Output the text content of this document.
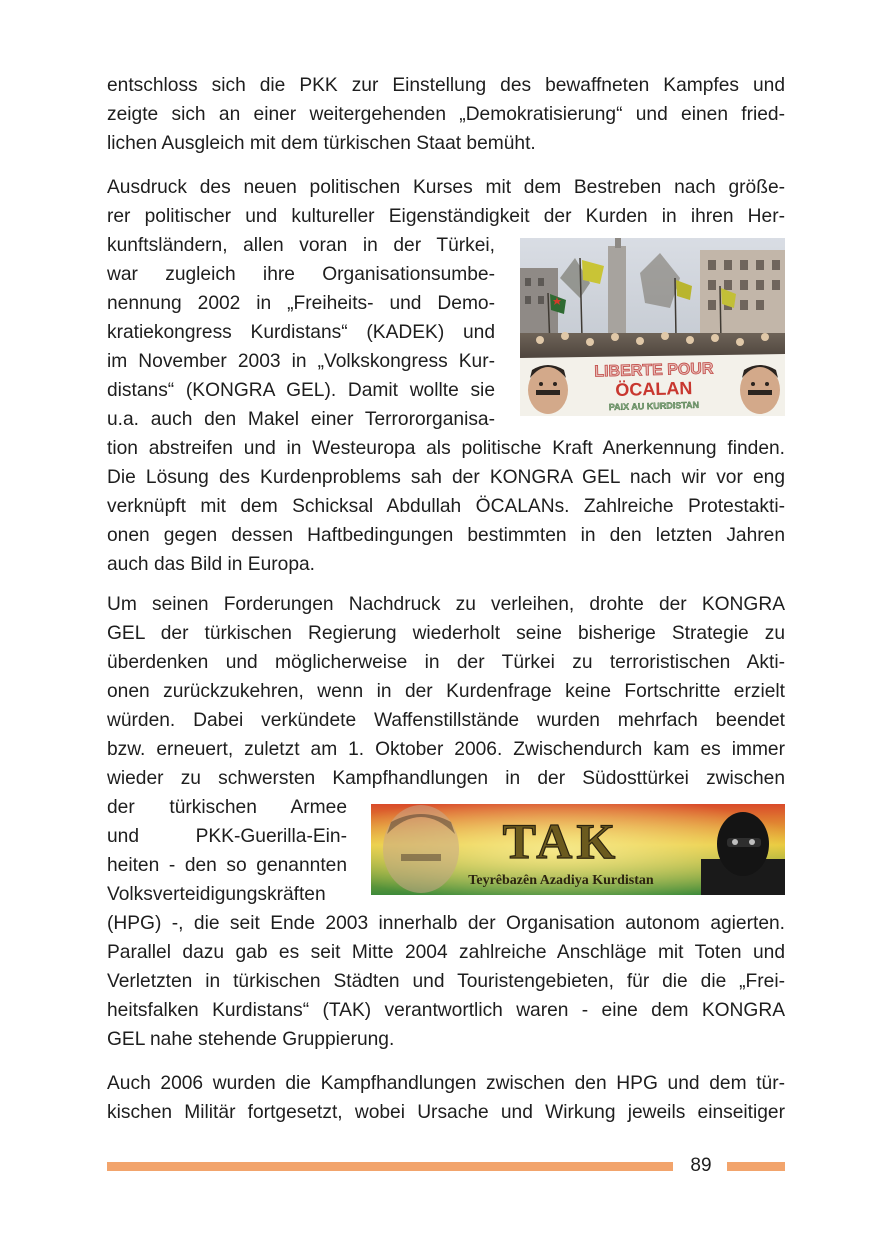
entschloss sich die PKK zur Einstellung des bewaffneten Kampfes und
zeigte sich an einer weitergehenden „Demokratisierung“ und einen fried-
lichen Ausgleich mit dem türkischen Staat bemüht.
Ausdruck des neuen politischen Kurses mit dem Bestreben nach größe-
rer politischer und kultureller Eigenständigkeit der Kurden in ihren Her-
kunftsländern, allen voran in der Türkei,
war zugleich ihre Organisationsumbe-
nennung 2002 in „Freiheits- und Demo-
kratiekongress Kurdistans“ (KADEK) und
im November 2003 in „Volkskongress Kur-
distans“ (KONGRA GEL). Damit wollte sie
u.a. auch den Makel einer Terrororganisa-
tion abstreifen und in Westeuropa als politische Kraft Anerkennung finden.
Die Lösung des Kurdenproblems sah der KONGRA GEL nach wir vor eng
verknüpft mit dem Schicksal Abdullah ÖCALANs. Zahlreiche Protestakti-
onen gegen dessen Haftbedingungen bestimmten in den letzten Jahren
auch das Bild in Europa.
LIBERTE POUR
ÖCALAN
PAIX AU KURDISTAN
Um seinen Forderungen Nachdruck zu verleihen, drohte der KONGRA
GEL der türkischen Regierung wiederholt seine bisherige Strategie zu
überdenken und möglicherweise in der Türkei zu terroristischen Akti-
onen zurückzukehren, wenn in der Kurdenfrage keine Fortschritte erzielt
würden. Dabei verkündete Waffenstillstände wurden mehrfach beendet
bzw. erneuert, zuletzt am 1. Oktober 2006. Zwischendurch kam es immer
wieder zu schwersten Kampfhandlungen in der Südosttürkei zwischen
der türkischen Armee
und PKK-Guerilla-Ein-
heiten - den so genannten
Volksverteidigungskräften
(HPG) -, die seit Ende 2003 innerhalb der Organisation autonom agierten.
Parallel dazu gab es seit Mitte 2004 zahlreiche Anschläge mit Toten und
Verletzten in türkischen Städten und Touristengebieten, für die die „Frei-
heitsfalken Kurdistans“ (TAK) verantwortlich waren - eine dem KONGRA
GEL nahe stehende Gruppierung.
TAK
Teyrêbazên Azadiya Kurdistan
Auch 2006 wurden die Kampfhandlungen zwischen den HPG und dem tür-
kischen Militär fortgesetzt, wobei Ursache und Wirkung jeweils einseitiger
89
